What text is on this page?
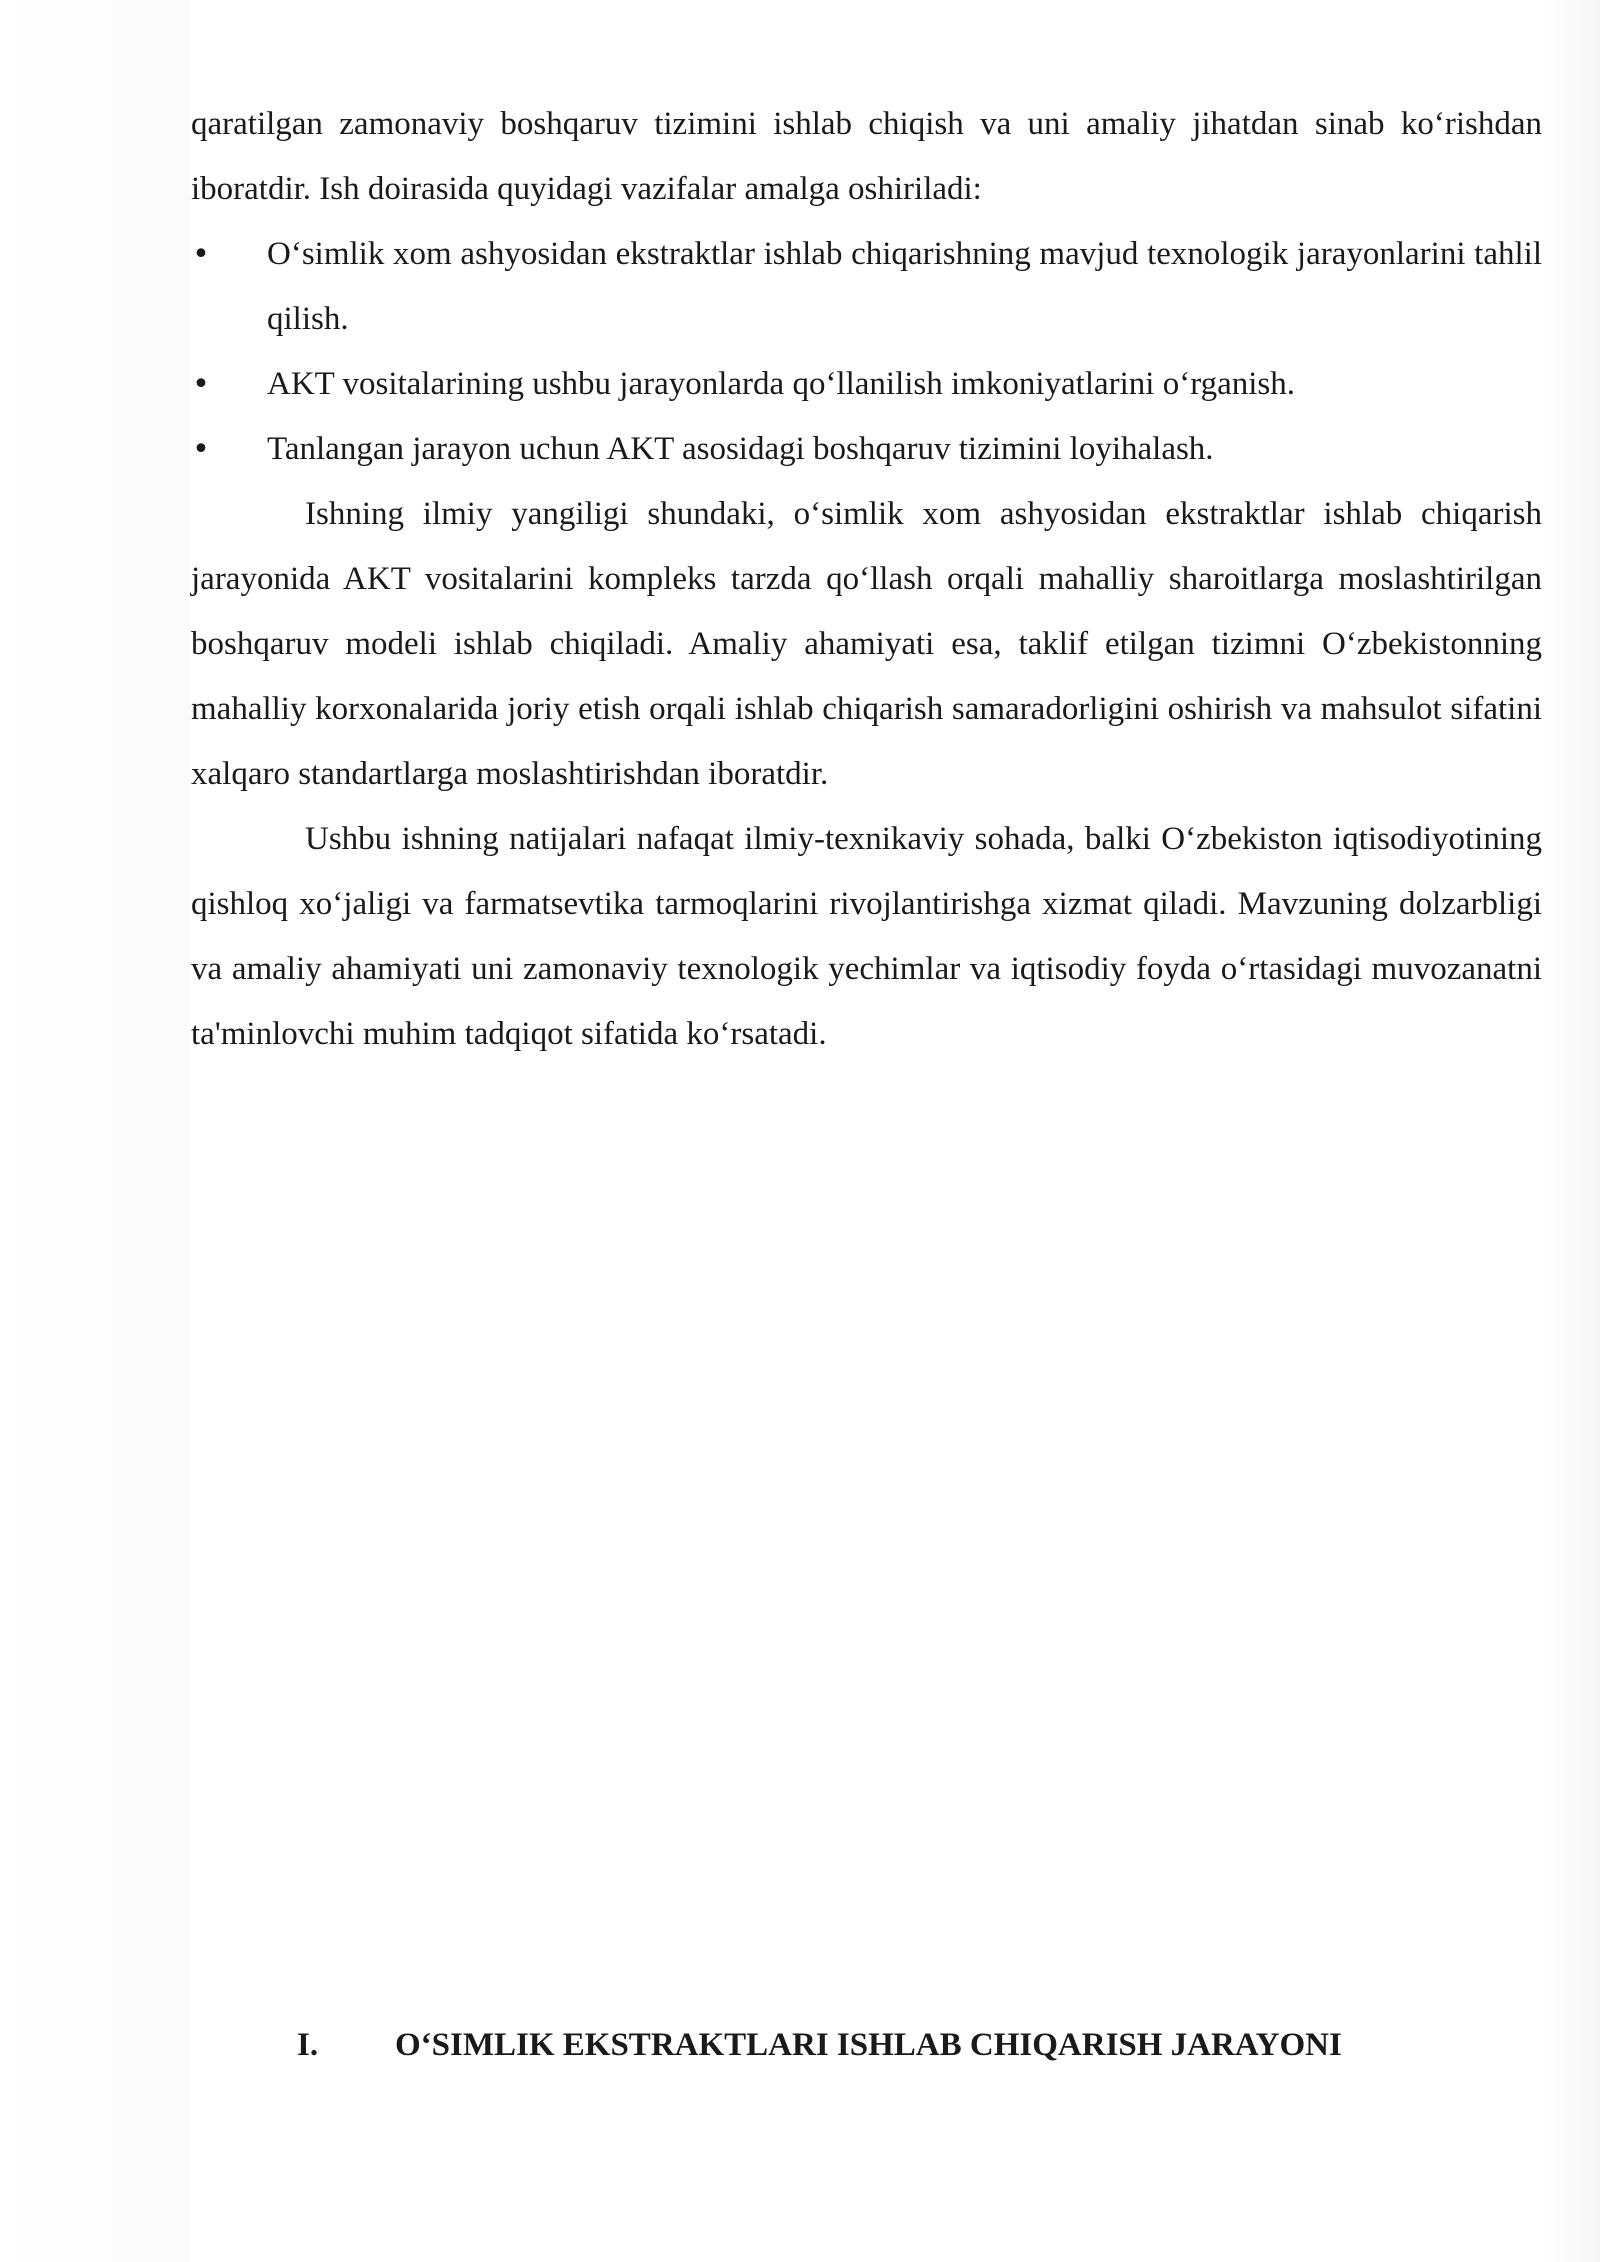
qaratilgan zamonaviy boshqaruv tizimini ishlab chiqish va uni amaliy jihatdan sinab ko‘rishdan iboratdir. Ish doirasida quyidagi vazifalar amalga oshiriladi:

• O‘simlik xom ashyosidan ekstraktlar ishlab chiqarishning mavjud texnologik jarayonlarini tahlil qilish.
• AKT vositalarining ushbu jarayonlarda qo‘llanilish imkoniyatlarini o‘rganish.
• Tanlangan jarayon uchun AKT asosidagi boshqaruv tizimini loyihalash.

Ishning ilmiy yangiligi shundaki, o‘simlik xom ashyosidan ekstraktlar ishlab chiqarish jarayonida AKT vositalarini kompleks tarzda qo‘llash orqali mahalliy sharoitlarga moslashtirilgan boshqaruv modeli ishlab chiqiladi. Amaliy ahamiyati esa, taklif etilgan tizimni O‘zbekistonning mahalliy korxonalarida joriy etish orqali ishlab chiqarish samaradorligini oshirish va mahsulot sifatini xalqaro standartlarga moslashtirishdan iboratdir.

Ushbu ishning natijalari nafaqat ilmiy-texnikaviy sohada, balki O‘zbekiston iqtisodiyotining qishloq xo‘jaligi va farmatsevtika tarmoqlarini rivojlantirishga xizmat qiladi. Mavzuning dolzarbligi va amaliy ahamiyati uni zamonaviy texnologik yechimlar va iqtisodiy foyda o‘rtasidagi muvozanatni ta'minlovchi muhim tadqiqot sifatida ko‘rsatadi.

I. O‘SIMLIK EKSTRAKTLARI ISHLAB CHIQARISH JARAYONI
